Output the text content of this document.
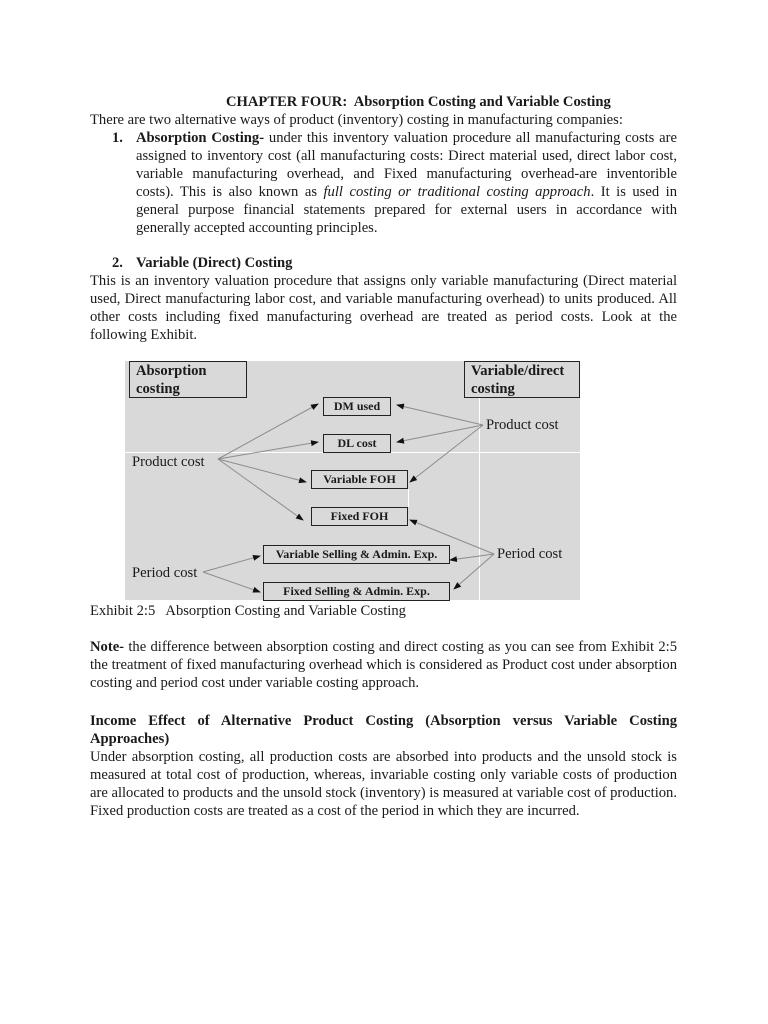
CHAPTER FOUR:  Absorption Costing and Variable Costing
There are two alternative ways of product (inventory) costing in manufacturing companies:
1. Absorption Costing- under this inventory valuation procedure all manufacturing costs are assigned to inventory cost (all manufacturing costs: Direct material used, direct labor cost, variable manufacturing overhead, and Fixed manufacturing overhead-are inventorible costs). This is also known as full costing or traditional costing approach. It is used in general purpose financial statements prepared for external users in accordance with generally accepted accounting principles.
2. Variable (Direct) Costing
This is an inventory valuation procedure that assigns only variable manufacturing (Direct material used, Direct manufacturing labor cost, and variable manufacturing overhead) to units produced. All other costs including fixed manufacturing overhead are treated as period costs. Look at the following Exhibit.
Absorption costing
Variable/direct costing
Product cost
Period cost
Product cost
Period cost
DM used
DL cost
Variable FOH
Fixed FOH
Variable Selling & Admin. Exp.
Fixed Selling & Admin. Exp.
Exhibit 2:5   Absorption Costing and Variable Costing
Note- the difference between absorption costing and direct costing as you can see from Exhibit 2:5 the treatment of fixed manufacturing overhead which is considered as Product cost under absorption costing and period cost under variable costing approach.
Income Effect of Alternative Product Costing (Absorption versus Variable Costing Approaches)
Under absorption costing, all production costs are absorbed into products and the unsold stock is measured at total cost of production, whereas, invariable costing only variable costs of production are allocated to products and the unsold stock (inventory) is measured at variable cost of production. Fixed production costs are treated as a cost of the period in which they are incurred.
